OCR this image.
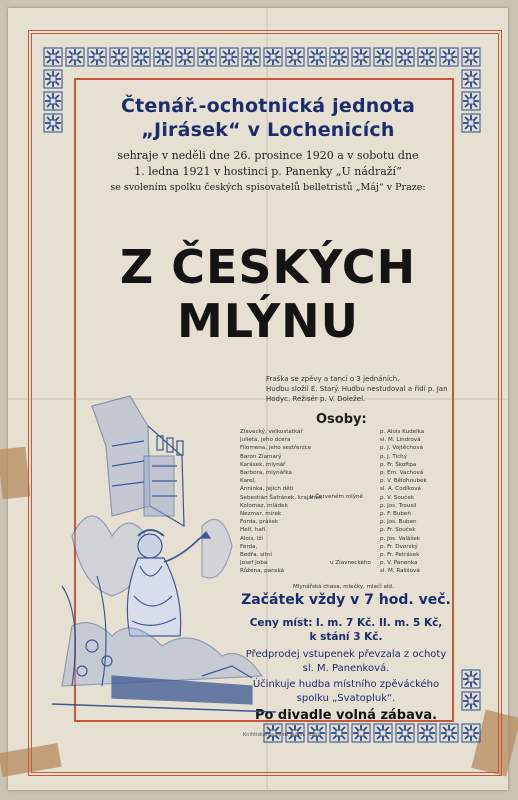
Čtenář.-ochotnická jednota
„Jirásek“ v Lochenicích
sehraje v neděli dne 26. prosince 1920 a v sobotu dne
1. ledna 1921 v hostinci p. Panenky „U nádraží“
se svolením spolku českých spisovatelů belletristů „Máj“ v Praze:
Z ČESKÝCH
MLÝNU
Fraška se zpěvy a tanci o 3 jednáních.
Hudbu složil E. Starý. Hudbu nestudoval a řídí p. Jan
Hodyc. Režisér p. V. Doležel.
Osoby:
Zíavecký, velkostatkář	p. Alois Kudelka
Julieta, jeho dcera	sl. M. Lindrová
Filomena, jeho sestřenice	p. J. Vojtěchová
Baron Zíamarý	p. J. Tichý
Karásek, mlynář	p. Fr. Škoftpa
Barbora, mlynářka	p. Em. Vachová
Karel,	p. V. Bělohoubek
Anninka, jejich děti	sl. A. Codíková
Sebestián Šafránek, krajánek	p. V. Souček
Kolomaz, mládek	p. Jos. Trousil
Nezmar, mírek	p. F. Bubeň
Forda, prášek	p. Jos. Buben
Helf, hafí	p. Fr. Souček
Alois, lží	p. Jos. Valášek
Ferda,	p. Fr. Dvorský
Bedřa, sitní	p. Fr. Petrásek
Josef Joba	p. V. Panenka
Růžena, panská	sl. M. Rališová
v Červeném mlýně
u Zíavneckého
Mlynářská chasa, mlečky, mlečí aíd.
Začátek vždy v 7 hod. več.
Ceny míst: I. m. 7 Kč. II. m. 5 Kč,
k stání 3 Kč.
Předprodej vstupenek převzala z ochoty
sl. M. Panenková.
Účinkuje hudba místního zpěváckého
spolku „Svatopluk“.
Po divadle volná zábava.
Knihtiskárna Miloš Kubin, Kolín
